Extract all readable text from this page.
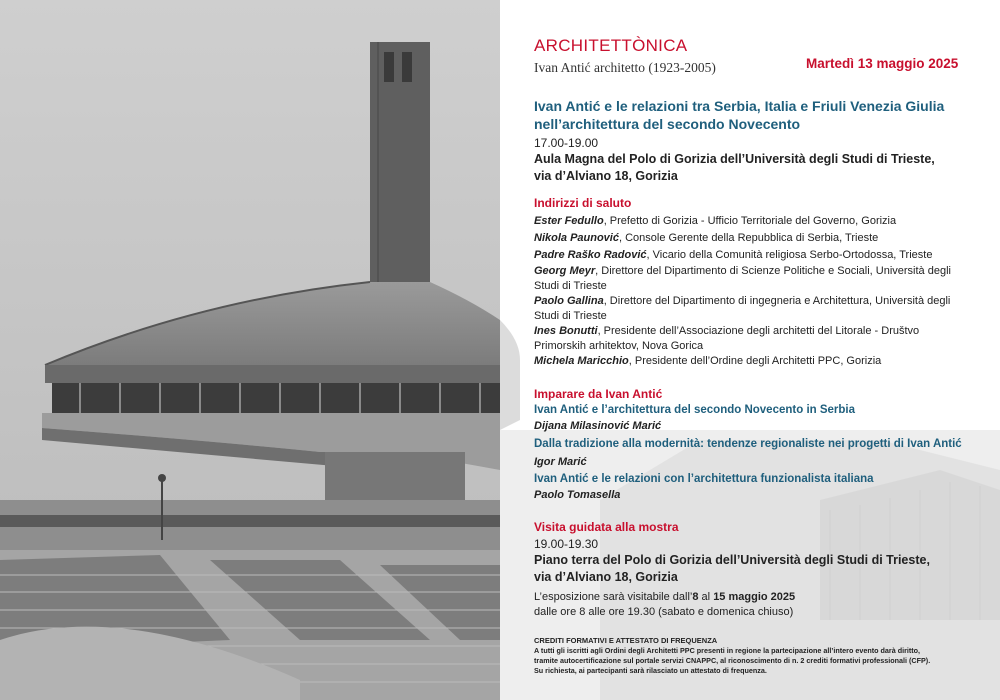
ARCHITETTÒNICA
Ivan Antić architetto (1923-2005)	Martedì 13 maggio 2025
Ivan Antić e le relazioni tra Serbia, Italia e Friuli Venezia Giulia
nell’architettura del secondo Novecento
17.00-19.00
Aula Magna del Polo di Gorizia dell’Università degli Studi di Trieste,
via d’Alviano 18, Gorizia
Indirizzi di saluto
Ester Fedullo, Prefetto di Gorizia - Ufficio Territoriale del Governo, Gorizia
Nikola Paunović, Console Gerente della Repubblica di Serbia, Trieste
Padre Raško Radović, Vicario della Comunità religiosa Serbo-Ortodossa, Trieste
Georg Meyr, Direttore del Dipartimento di Scienze Politiche e Sociali, Università degli
Studi di Trieste
Paolo Gallina, Direttore del Dipartimento di ingegneria e Architettura, Università degli
Studi di Trieste
Ines Bonutti, Presidente dell’Associazione degli architetti del Litorale - Društvo
Primorskih arhitektov, Nova Gorica
Michela Maricchio, Presidente dell’Ordine degli Architetti PPC, Gorizia
Imparare da Ivan Antić
Ivan Antić e l’architettura del secondo Novecento in Serbia
Dijana Milasinović Marić
Dalla tradizione alla modernità: tendenze regionaliste nei progetti di Ivan Antić
Igor Marić
Ivan Antić e le relazioni con l’architettura funzionalista italiana
Paolo Tomasella
Visita guidata alla mostra
19.00-19.30
Piano terra del Polo di Gorizia dell’Università degli Studi di Trieste,
via d’Alviano 18, Gorizia
L’esposizione sarà visitabile dall’8 al 15 maggio 2025
dalle ore 8 alle ore 19.30 (sabato e domenica chiuso)
CREDITI FORMATIVI E ATTESTATO DI FREQUENZA
A tutti gli iscritti agli Ordini degli Architetti PPC presenti in regione la partecipazione all’intero evento darà diritto,
tramite autocertificazione sul portale servizi CNAPPC, al riconoscimento di n. 2 crediti formativi professionali (CFP).
Su richiesta, ai partecipanti sarà rilasciato un attestato di frequenza.
